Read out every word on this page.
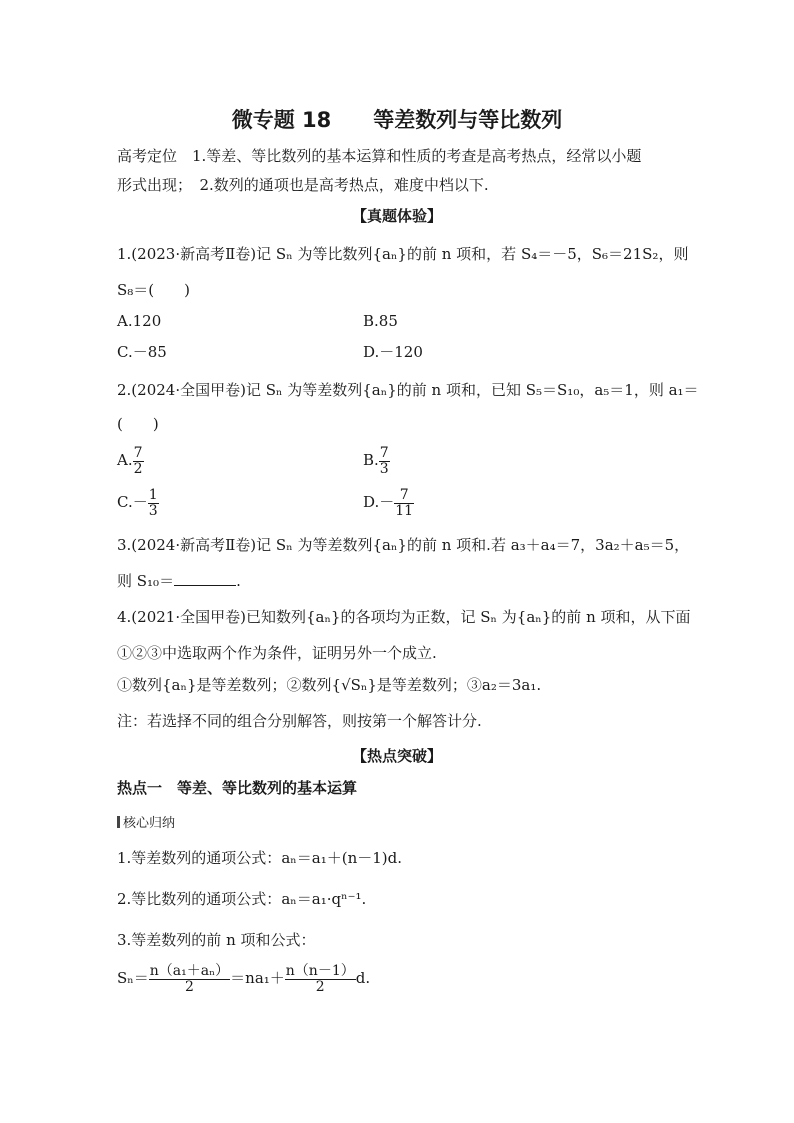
微专题 18 等差数列与等比数列
高考定位　1.等差、等比数列的基本运算和性质的考查是高考热点，经常以小题
形式出现；　2.数列的通项也是高考热点，难度中档以下.
【真题体验】
1.(2023·新高考Ⅱ卷)记 Sₙ 为等比数列{aₙ}的前 n 项和，若 S₄＝－5，S₆＝21S₂，则
S₈＝(　　)
A.120	B.85
C.－85	D.－120
2.(2024·全国甲卷)记 Sₙ 为等差数列{aₙ}的前 n 项和，已知 S₅＝S₁₀，a₅＝1，则 a₁＝
(　　)
A. $\frac{7}{2}$	B. $\frac{7}{3}$
$C.- \frac{1}{3}$	$D.- \frac{7}{11}$
3.(2024·新高考Ⅱ卷)记 Sₙ 为等差数列{aₙ}的前 n 项和.若 a₃＋a₄＝7，3a₂＋a₅＝5，
则 S₁₀＝	.
4.(2021·全国甲卷)已知数列{aₙ}的各项均为正数，记 Sₙ 为{aₙ}的前 n 项和，从下面
①②③中选取两个作为条件，证明另外一个成立.
①数列{aₙ}是等差数列；②数列{√Sₙ}是等差数列；③a₂＝3a₁.
注：若选择不同的组合分别解答，则按第一个解答计分.
【热点突破】
热点一　等差、等比数列的基本运算
核心归纳
1.等差数列的通项公式：aₙ＝a₁＋(n－1)d.
2.等比数列的通项公式：aₙ＝a₁·qⁿ⁻¹.
3.等差数列的前 n 项和公式：
$S_n= \frac{\text{n（a₁＋aₙ）}}{2} =na_1+ \frac{n(n-1)}{2} d$.
